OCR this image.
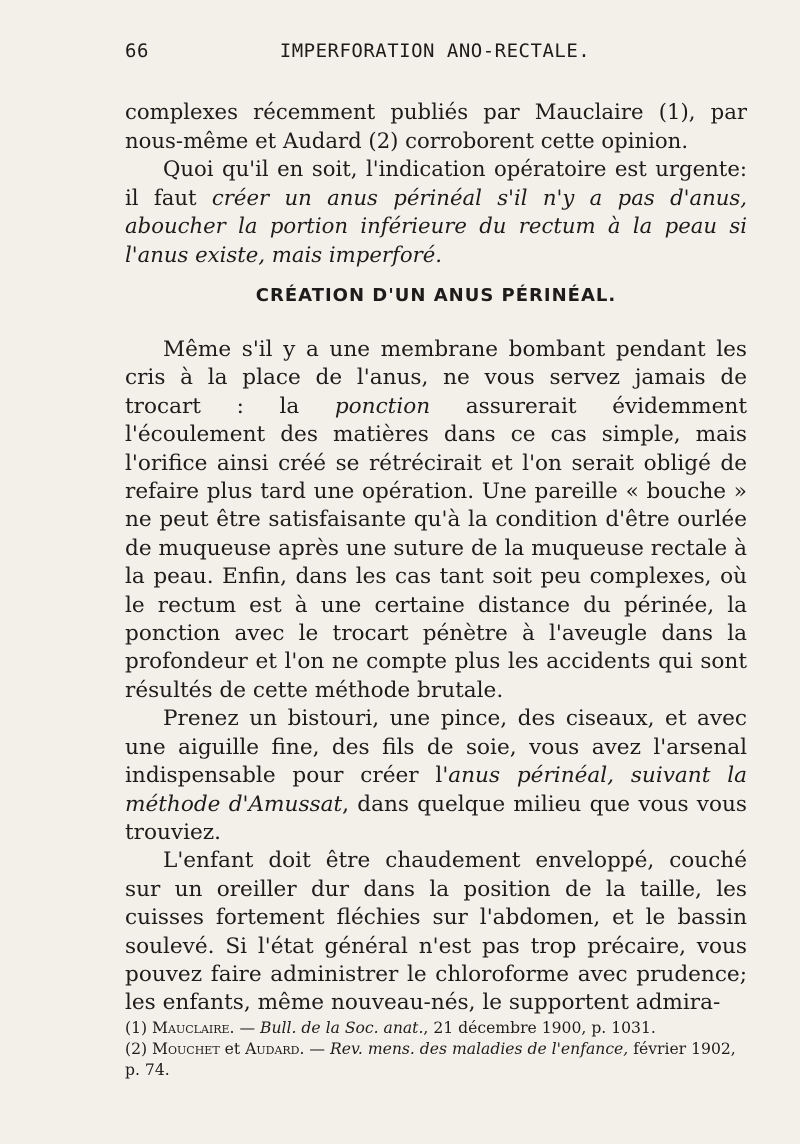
66	IMPERFORATION ANO-RECTALE.

complexes récemment publiés par Mauclaire (1), par nous-même et Audard (2) corroborent cette opinion.

Quoi qu'il en soit, l'indication opératoire est urgente: il faut créer un anus périnéal s'il n'y a pas d'anus, aboucher la portion inférieure du rectum à la peau si l'anus existe, mais imperforé.

CRÉATION D'UN ANUS PÉRINÉAL.

Même s'il y a une membrane bombant pendant les cris à la place de l'anus, ne vous servez jamais de trocart : la ponction assurerait évidemment l'écoulement des matières dans ce cas simple, mais l'orifice ainsi créé se rétrécirait et l'on serait obligé de refaire plus tard une opération. Une pareille « bouche » ne peut être satisfaisante qu'à la condition d'être ourlée de muqueuse après une suture de la muqueuse rectale à la peau. Enfin, dans les cas tant soit peu complexes, où le rectum est à une certaine distance du périnée, la ponction avec le trocart pénètre à l'aveugle dans la profondeur et l'on ne compte plus les accidents qui sont résultés de cette méthode brutale.

Prenez un bistouri, une pince, des ciseaux, et avec une aiguille fine, des fils de soie, vous avez l'arsenal indispensable pour créer l'anus périnéal, suivant la méthode d'Amussat, dans quelque milieu que vous vous trouviez.

L'enfant doit être chaudement enveloppé, couché sur un oreiller dur dans la position de la taille, les cuisses fortement fléchies sur l'abdomen, et le bassin soulevé. Si l'état général n'est pas trop précaire, vous pouvez faire administrer le chloroforme avec prudence; les enfants, même nouveau-nés, le supportent admira-

(1) Mauclaire. — Bull. de la Soc. anat., 21 décembre 1900, p. 1031.

(2) Mouchet et Audard. — Rev. mens. des maladies de l'enfance, février 1902, p. 74.
